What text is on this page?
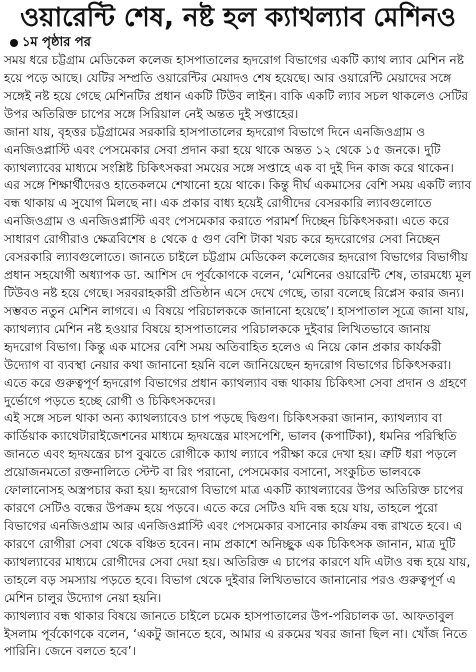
ওয়ারেন্টি শেষ, নষ্ট হল ক্যাথল্যাব মেশিনও
১ম পৃষ্ঠার পর

সময় ধরে চট্টগ্রাম মেডিকেল কলেজ হাসপাতালের হৃদরোগ বিভাগের একটি ক্যাথ ল্যাব মেশিন নষ্ট হয়ে পড়ে আছে। যেটির সম্প্রতি ওয়ারেন্টির মেয়াদও শেষ হয়েছে। আর ওয়ারেন্টি মেয়াদের সঙ্গে সঙ্গেই নষ্ট হয়ে গেছে মেশিনটির প্রধান একটি টিউব লাইন। বাকি একটি ল্যাব সচল থাকলেও সেটির উপর অতিরিক্ত চাপের সঙ্গে সিরিয়াল নেই অন্তত দুই সপ্তাহের।

জানা যায়, বৃহত্তর চট্টগ্রামের সরকারি হাসপাতালের হৃদরোগ বিভাগে দিনে এনজিওগ্রাম ও এনজিওপ্লাস্টি এবং পেসমেকার সেবা প্রদান করা হয়ে থাকে অন্তত ১২ থেকে ১৫ জনকে। দুটি ক্যাথল্যাবের মাধ্যমে সংশ্লিষ্ট চিকিৎসকরা সময়ের সঙ্গে সপ্তাহে এক বা দুই দিন কাজ করে থাকেন। এর সঙ্গে শিক্ষার্থীদেরও হাতেকলমে শেখানো হয়ে থাকে। কিন্তু দীর্ঘ একমাসের বেশি সময় একটি ল্যাব বন্ধ থাকায় এ সুযোগ মিলছে না। এক প্রকার বাধ্য হয়েই রোগীদের বেসরকারি ল্যাবগুলোতে এনজিওগ্রাম ও এনজিওপ্লাস্টি এবং পেসমেকার করাতে পরামর্শ দিচ্ছেন চিকিৎসকরা। এতে করে সাধারণ রোগীরাও ক্ষেত্রবিশেষ ৪ থেকে ৫ গুণ বেশি টাকা খরচ করে হৃদরোগের সেবা নিচ্ছেন বেসরকারি ল্যাবগুলোতে। জানতে চাইলে চট্টগ্রাম মেডিকেল কলেজের হৃদরোগ বিভাগের বিভাগীয় প্রধান সহযোগী অধ্যাপক ডা. আশিস দে পূর্বকোণকে বলেন, ‘মেশিনের ওয়ারেন্টি শেষ, তারমধ্যে মূল টিউবও নষ্ট হয়ে গেছে। সরবরাহকারী প্রতিষ্ঠান এসে দেখে গেছে, তারা বলেছে রিপ্লেস করার জন্য। সম্ভবত নতুন মেশিন লাগবে। এ বিষয়ে পরিচালককে জানানো হয়েছে’। হাসপাতাল সূত্রে জানা যায়, ক্যাথল্যাব মেশিন নষ্ট হওয়ার বিষয়ে হাসপাতালের পরিচালককে দুইবার লিখিতভাবে জানায় হৃদরোগ বিভাগ। কিন্তু এক মাসের বেশি সময় অতিবাহিত হলেও এ নিয়ে কোন প্রকার কার্যকরী উদ্যোগ বা ব্যবস্থা নেয়ার কথা জানানো হয়নি বলে জানিয়েছেন হৃদরোগ বিভাগের চিকিৎসকরা। এতে করে গুরুত্বপূর্ণ হৃদরোগ বিভাগের প্রধান ক্যাথল্যাব বন্ধ থাকায় চিকিৎসা সেবা প্রদান ও গ্রহণে দুর্ভোগে পড়তে হচ্ছে রোগী ও চিকিৎসকদের।

এই সঙ্গে সচল থাকা অন্য ক্যাথল্যাবেও চাপ পড়ছে দ্বিগুণ। চিকিৎসকরা জানান, ক্যাথল্যাব বা কার্ডিয়াক ক্যাথেটারাইজেশনের মাধ্যমে হৃদযন্ত্রের মাংসপেশি, ভালব (কপাটিকা), ধমনির পরিস্থিতি জানতে এবং হৃদযন্ত্রের চাপ বুঝতে রোগীকে ক্যাথ ল্যাবে পরীক্ষা করে দেখা হয়। ত্রুটি ধরা পড়লে প্রয়োজনমতো রক্তনালিতে স্টেন্ট বা রিং পরানো, পেসমেকার বসানো, সংকুচিত ভালবকে ফোলানোসহ অস্ত্রপচার করা হয়। হৃদরোগ বিভাগে মাত্র একটি ক্যাথল্যাবের উপর অতিরিক্ত চাপের কারণে সেটিও বন্ধের উপক্রম হয়ে পড়বে। এতে করে সেটিও যদি বন্ধ হয়ে যায়, তাহলে পুরো বিভাগের এনজিওগ্রাম আর এনজিওপ্লাস্টি এবং পেসমেকার বসানোর কার্যক্রম বন্ধ রাখতে হবে। এ কারণে রোগীরা সেবা থেকে বঞ্চিত হবেন। নাম প্রকাশে অনিচ্ছুক এক চিকিৎসক জানান, মাত্র দুটি ক্যাথল্যাবের মাধ্যমে রোগীদের সেবা দেয়া হয়। অতিরিক্ত এ চাপের কারণে যদি এটাও বন্ধ হয়ে যায়, তাহলে বড় সমস্যায় পড়তে হবে। বিভাগ থেকে দুইবার লিখিতভাবে জানানোর পরও গুরুত্বপূর্ণ এ মেশিন চালুর উদ্যোগ নেয়া হয়নি।

ক্যাথল্যাব বন্ধ থাকার বিষয়ে জানতে চাইলে চমেক হাসপাতালের উপ-পরিচালক ডা. আফতাবুল ইসলাম পূর্বকোণকে বলেন, ‘একটু জানতে হবে, আমার এ রকমের খবর জানা ছিল না। খোঁজ নিতে পারিনি। জেনে বলতে হবে’।
